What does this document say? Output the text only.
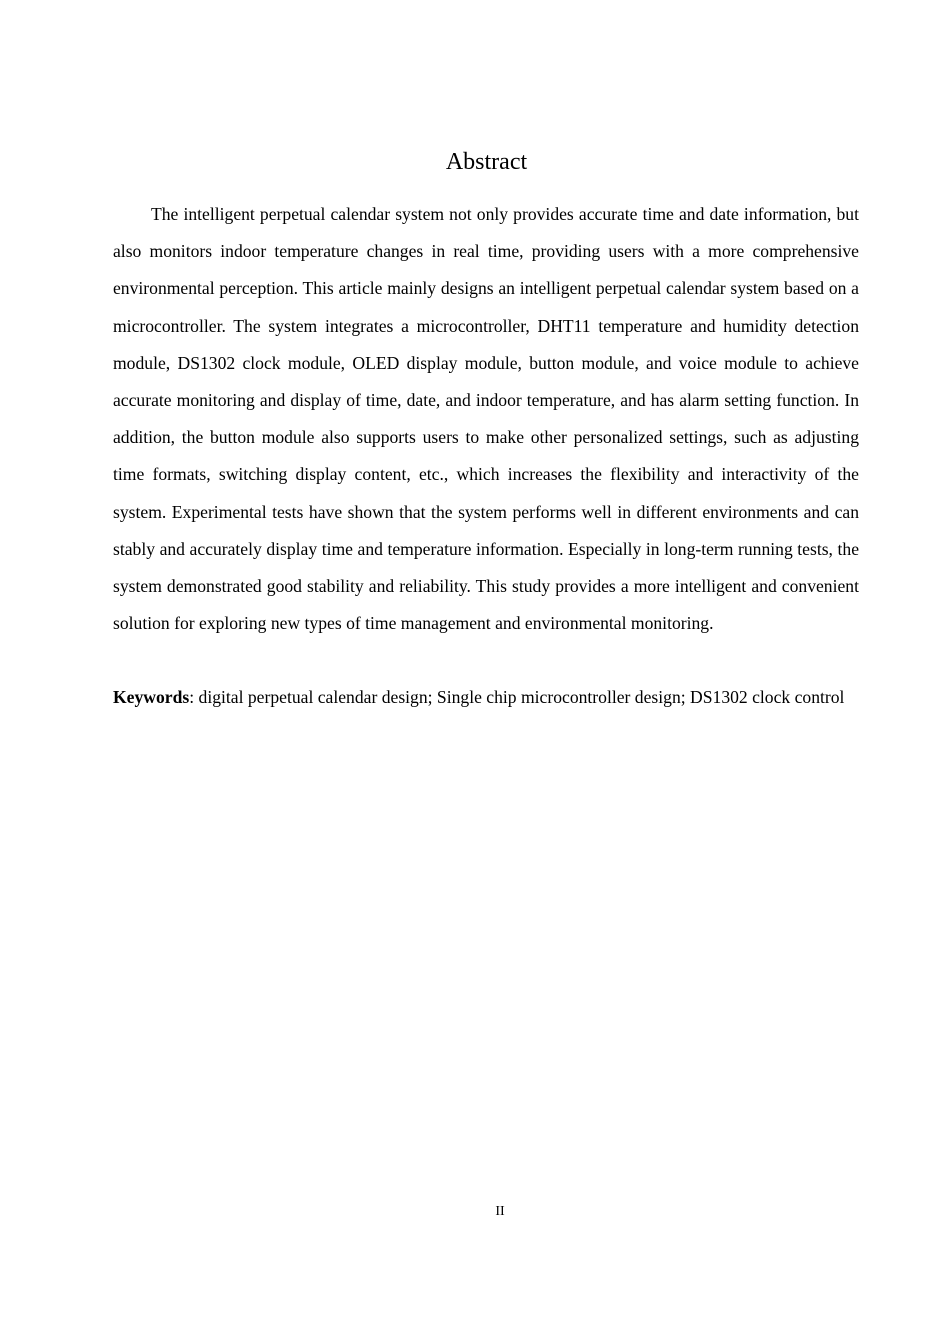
Abstract

The intelligent perpetual calendar system not only provides accurate time and date information, but also monitors indoor temperature changes in real time, providing users with a more comprehensive environmental perception. This article mainly designs an intelligent perpetual calendar system based on a microcontroller. The system integrates a microcontroller, DHT11 temperature and humidity detection module, DS1302 clock module, OLED display module, button module, and voice module to achieve accurate monitoring and display of time, date, and indoor temperature, and has alarm setting function. In addition, the button module also supports users to make other personalized settings, such as adjusting time formats, switching display content, etc., which increases the flexibility and interactivity of the system. Experimental tests have shown that the system performs well in different environments and can stably and accurately display time and temperature information. Especially in long-term running tests, the system demonstrated good stability and reliability. This study provides a more intelligent and convenient solution for exploring new types of time management and environmental monitoring.

Keywords: digital perpetual calendar design; Single chip microcontroller design; DS1302 clock control

II
